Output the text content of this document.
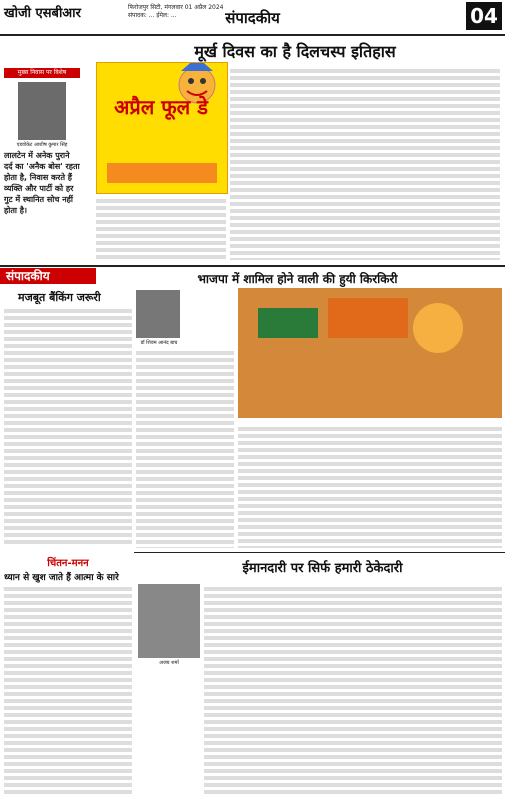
खोजी एसबीआर	फिरोजपुर सिटी, मंगलवार 01 अप्रैल 2024
संपादक: ... ईमेल: ...	संपादकीय	04
मुख्य निवास पर विशेष
एडवोकेट आशीष कुमार सिंह
लालटेन में अनेक पुराने दर्द का 'अनैक बोस' रहता होता है, निवास करते हैं व्यक्ति और पार्टी को हर गुट में स्थानित सोच नहीं होता है।
मूर्ख दिवस का है दिलचस्प इतिहास
अप्रैल फूल डे
संपादकीय
मजबूत बैंकिंग जरूरी
भाजपा में शामिल होने वाली की हुयी किरकिरी
डॉ शिवम आनंद बाघ
चिंतन-मनन
ध्यान से खुश जाते हैं आत्मा के सारे
ईमानदारी पर सिर्फ हमारी ठेकेदारी
अजय शर्मा
